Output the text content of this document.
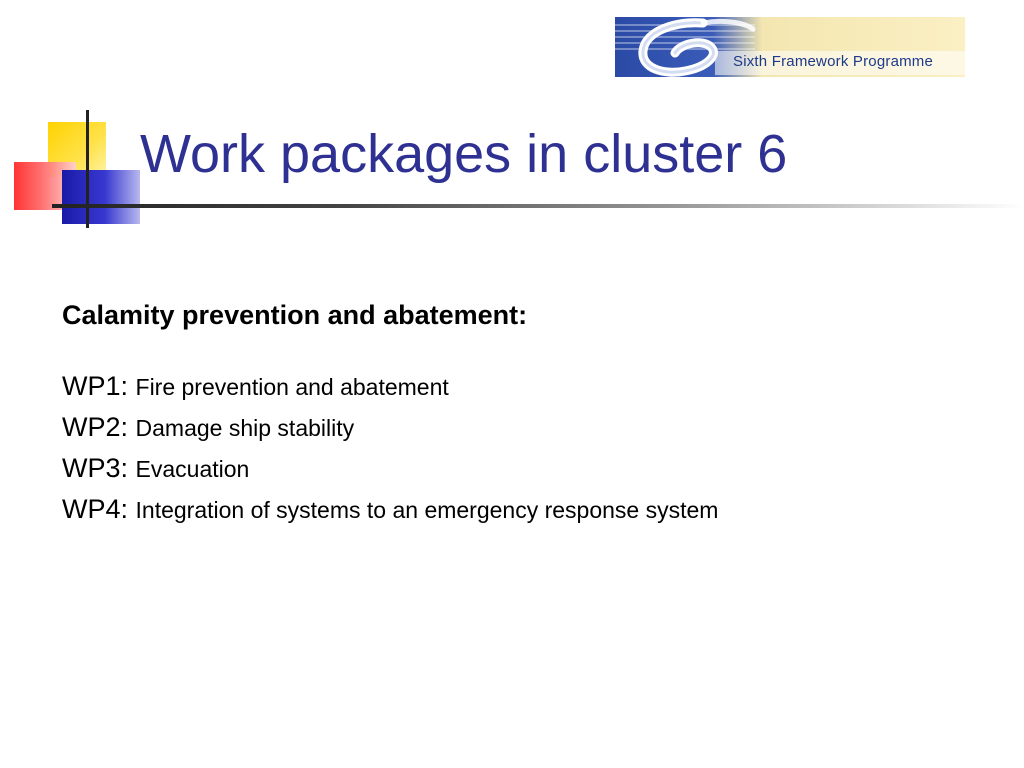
Sixth Framework Programme
Work packages in cluster 6
Calamity prevention and abatement:
WP1: Fire prevention and abatement
WP2: Damage ship stability
WP3: Evacuation
WP4: Integration of systems to an emergency response system
